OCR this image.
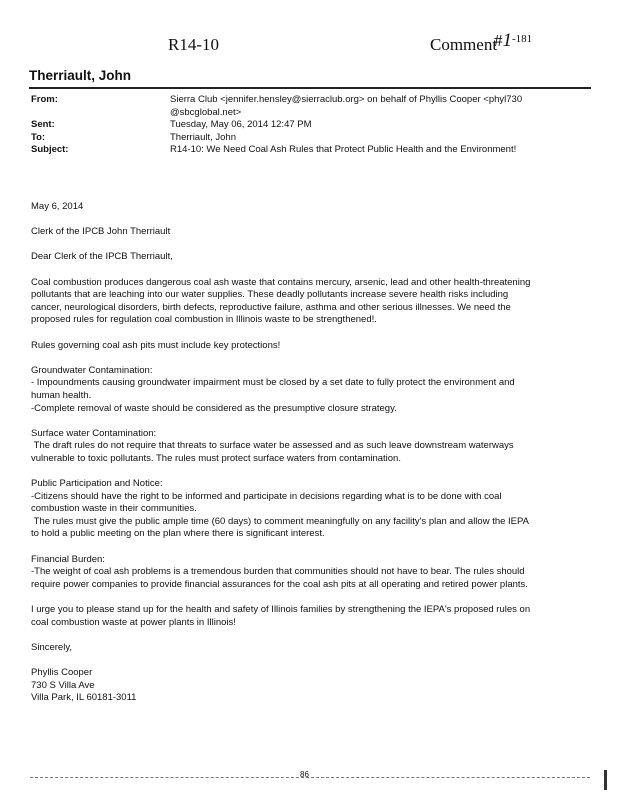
R14-10	Comment
$\#1^{-181}$
Therriault, John
From:	Sierra Club <jennifer.hensley@sierraclub.org> on behalf of Phyllis Cooper <phyl730
@sbcglobal.net>
Sent:	Tuesday, May 06, 2014 12:47 PM
To:	Therriault, John
Subject:	R14-10: We Need Coal Ash Rules that Protect Public Health and the Environment!

May 6, 2014

Clerk of the IPCB John Therriault

Dear Clerk of the IPCB Therriault,

Coal combustion produces dangerous coal ash waste that contains mercury, arsenic, lead and other health-threatening
pollutants that are leaching into our water supplies. These deadly pollutants increase severe health risks including
cancer, neurological disorders, birth defects, reproductive failure, asthma and other serious illnesses. We need the
proposed rules for regulation coal combustion in Illinois waste to be strengthened!.

Rules governing coal ash pits must include key protections!

Groundwater Contamination:
- Impoundments causing groundwater impairment must be closed by a set date to fully protect the environment and
human health.
-Complete removal of waste should be considered as the presumptive closure strategy.

Surface water Contamination:
The draft rules do not require that threats to surface water be assessed and as such leave downstream waterways
vulnerable to toxic pollutants. The rules must protect surface waters from contamination.

Public Participation and Notice:
-Citizens should have the right to be informed and participate in decisions regarding what is to be done with coal
combustion waste in their communities.
The rules must give the public ample time (60 days) to comment meaningfully on any facility's plan and allow the IEPA
to hold a public meeting on the plan where there is significant interest.

Financial Burden:
-The weight of coal ash problems is a tremendous burden that communities should not have to bear. The rules should
require power companies to provide financial assurances for the coal ash pits at all operating and retired power plants.

I urge you to please stand up for the health and safety of Illinois families by strengthening the IEPA's proposed rules on
coal combustion waste at power plants in Illinois!

Sincerely,

Phyllis Cooper
730 S Villa Ave
Villa Park, IL 60181-3011
86
